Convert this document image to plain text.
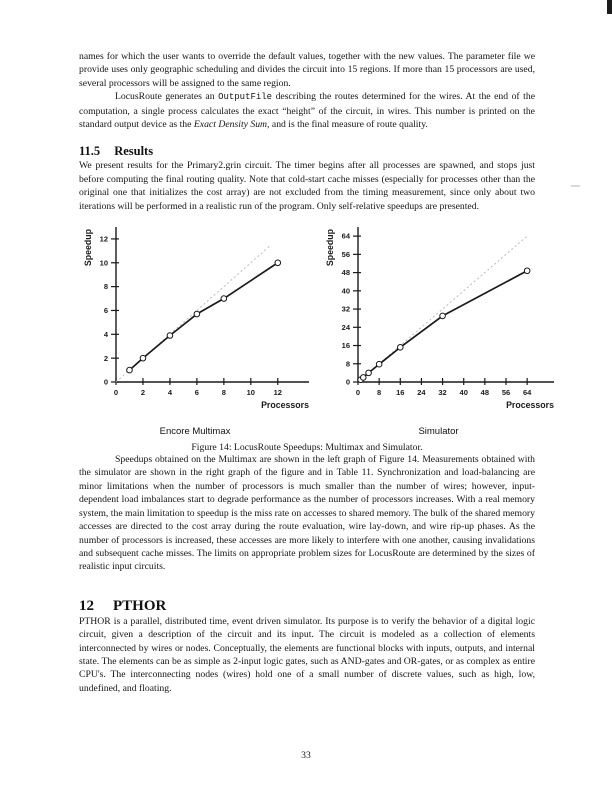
names for which the user wants to override the default values, together with the new values. The parameter file we provide uses only geographic scheduling and divides the circuit into 15 regions. If more than 15 processors are used, several processors will be assigned to the same region.

LocusRoute generates an OutputFile describing the routes determined for the wires. At the end of the computation, a single process calculates the exact “height” of the circuit, in wires. This number is printed on the standard output device as the Exact Density Sum, and is the final measure of route quality.

11.5 Results

We present results for the Primary2.grin circuit. The timer begins after all processes are spawned, and stops just before computing the final routing quality. Note that cold-start cache misses (especially for processes other than the original one that initializes the cost array) are not excluded from the timing measurement, since only about two iterations will be performed in a realistic run of the program. Only self-relative speedups are presented.

0	2	4	6	8	10 12
0
2
4
6
8
10
12
Processors
Speedup
Encore Multimax
0 8 16 24 32 40 48 56 64
0
8
16
24
32
40
48
56
64
Processors
Speedup
Simulator
Figure 14: LocusRoute Speedups: Multimax and Simulator.

Speedups obtained on the Multimax are shown in the left graph of Figure 14. Measurements obtained with the simulator are shown in the right graph of the figure and in Table 11. Synchronization and load-balancing are minor limitations when the number of processors is much smaller than the number of wires; however, input-dependent load imbalances start to degrade performance as the number of processors increases. With a real memory system, the main limitation to speedup is the miss rate on accesses to shared memory. The bulk of the shared memory accesses are directed to the cost array during the route evaluation, wire lay-down, and wire rip-up phases. As the number of processors is increased, these accesses are more likely to interfere with one another, causing invalidations and subsequent cache misses. The limits on appropriate problem sizes for LocusRoute are determined by the sizes of realistic input circuits.

12 PTHOR

PTHOR is a parallel, distributed time, event driven simulator. Its purpose is to verify the behavior of a digital logic circuit, given a description of the circuit and its input. The circuit is modeled as a collection of elements interconnected by wires or nodes. Conceptually, the elements are functional blocks with inputs, outputs, and internal state. The elements can be as simple as 2-input logic gates, such as AND-gates and OR-gates, or as complex as entire CPU's. The interconnecting nodes (wires) hold one of a small number of discrete values, such as high, low, undefined, and floating.

33
